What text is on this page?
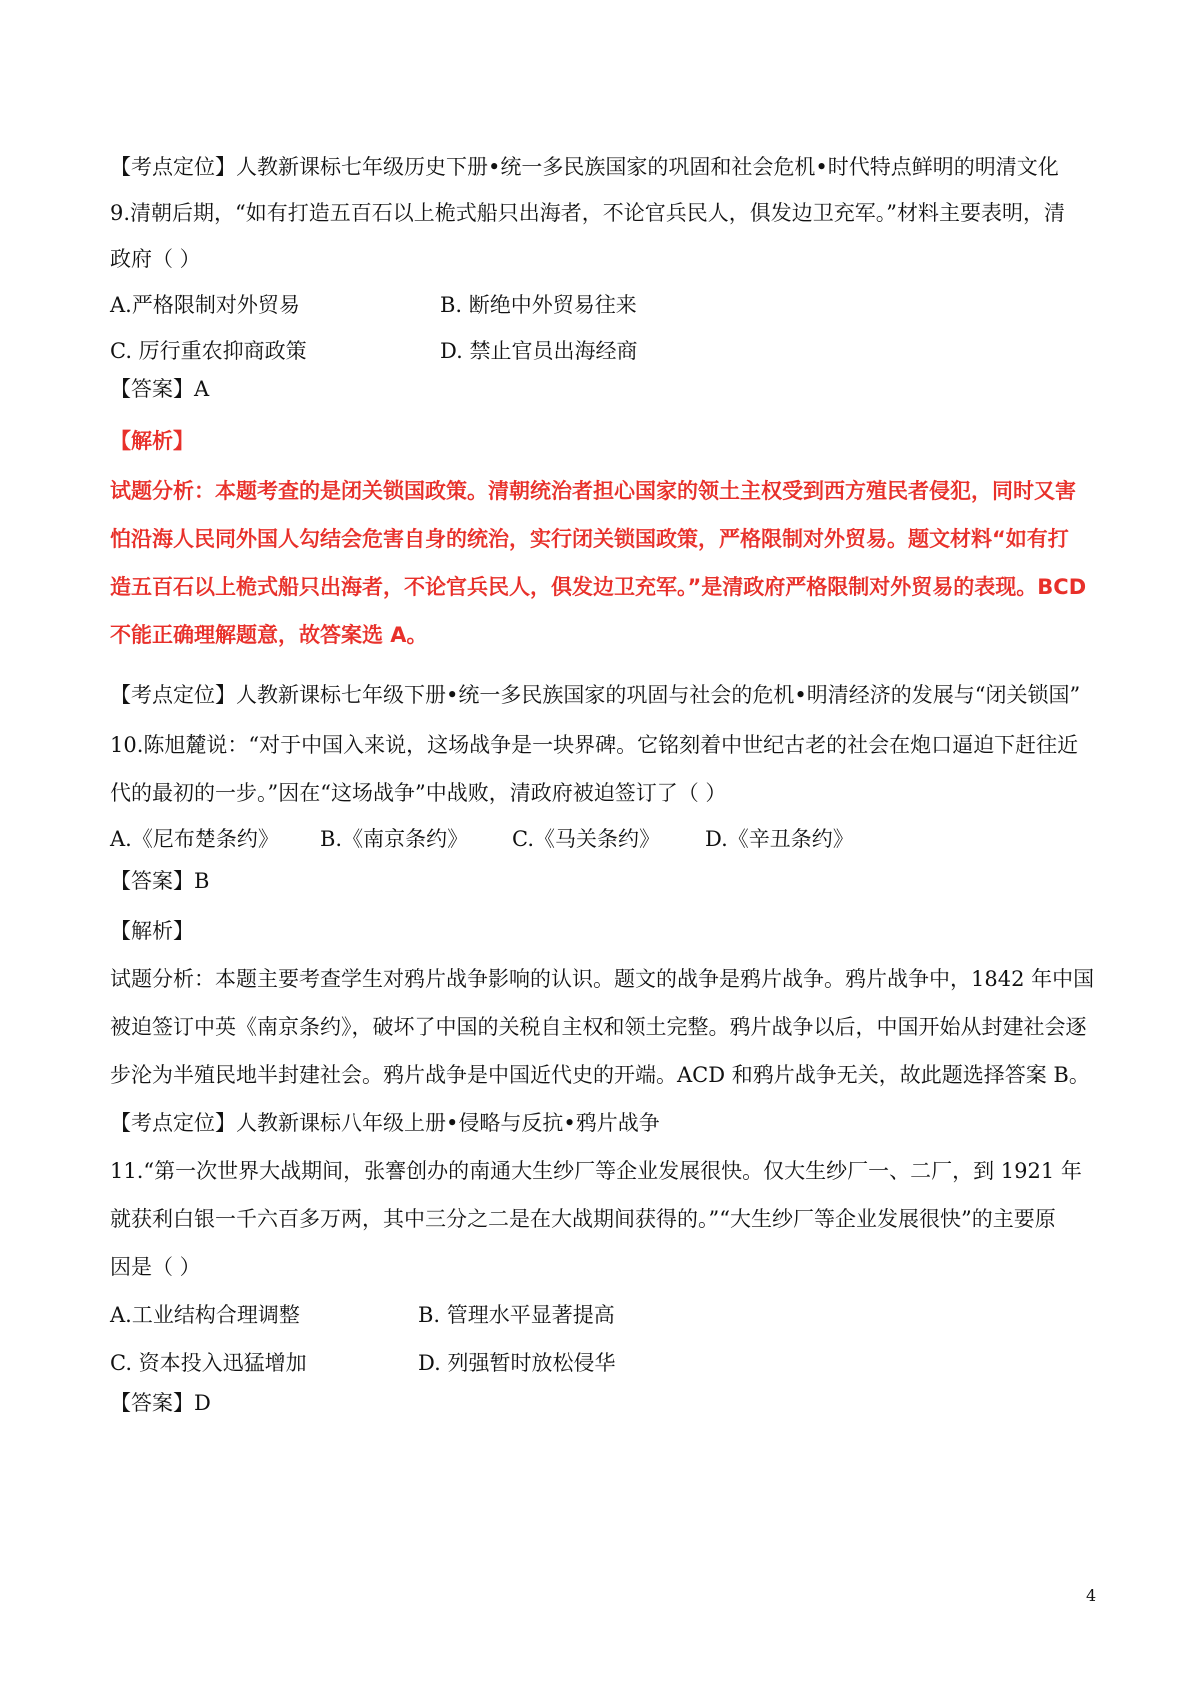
【考点定位】人教新课标七年级历史下册•统一多民族国家的巩固和社会危机•时代特点鲜明的明清文化
9.清朝后期，“如有打造五百石以上桅式船只出海者，不论官兵民人，俱发边卫充军。”材料主要表明，清
政府（ ）
A.严格限制对外贸易	B. 断绝中外贸易往来
C. 厉行重农抑商政策	D. 禁止官员出海经商
【答案】A
【解析】
试题分析：本题考查的是闭关锁国政策。清朝统治者担心国家的领土主权受到西方殖民者侵犯，同时又害
怕沿海人民同外国人勾结会危害自身的统治，实行闭关锁国政策，严格限制对外贸易。题文材料“如有打
造五百石以上桅式船只出海者，不论官兵民人，俱发边卫充军。”是清政府严格限制对外贸易的表现。BCD
不能正确理解题意，故答案选 A。
【考点定位】人教新课标七年级下册•统一多民族国家的巩固与社会的危机•明清经济的发展与“闭关锁国”
10.陈旭麓说：“对于中国入来说，这场战争是一块界碑。它铭刻着中世纪古老的社会在炮口逼迫下赶往近
代的最初的一步。”因在“这场战争”中战败，清政府被迫签订了（ ）
A.《尼布楚条约》 B.《南京条约》 C.《马关条约》 D.《辛丑条约》
【答案】B
【解析】
试题分析：本题主要考查学生对鸦片战争影响的认识。题文的战争是鸦片战争。鸦片战争中，1842 年中国
被迫签订中英《南京条约》，破坏了中国的关税自主权和领土完整。鸦片战争以后，中国开始从封建社会逐
步沦为半殖民地半封建社会。鸦片战争是中国近代史的开端。ACD 和鸦片战争无关，故此题选择答案 B。
【考点定位】人教新课标八年级上册•侵略与反抗•鸦片战争
11.“第一次世界大战期间，张謇创办的南通大生纱厂等企业发展很快。仅大生纱厂一、二厂，到 1921 年
就获利白银一千六百多万两，其中三分之二是在大战期间获得的。”“大生纱厂等企业发展很快”的主要原
因是（ ）
A.工业结构合理调整	B. 管理水平显著提高
C. 资本投入迅猛增加	D. 列强暂时放松侵华
【答案】D
4
